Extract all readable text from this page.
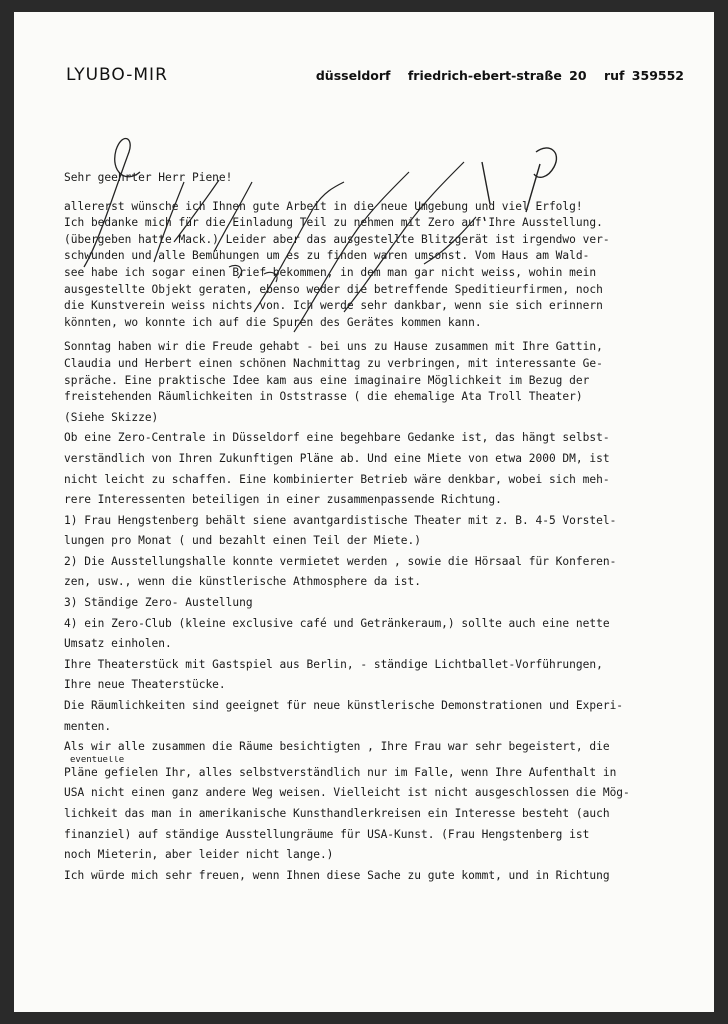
LYUBO-MIR	düsseldorf friedrich-ebert-straße 20 ruf 359552

Sehr geehrter Herr Piene!

allererst wünsche ich Ihnen gute Arbeit in die neue Umgebung und viel Erfolg!

Ich bedanke mich für die Einladung Teil zu nehmen mit Zero auf Ihre Ausstellung.

(übergeben hatte Mack.) Leider aber das ausgestellte Blitzgerät ist irgendwo ver-

schwunden und alle Bemühungen um es zu finden waren umsonst. Vom Haus am Wald-

see habe ich sogar einen Brief bekommen, in dem man gar nicht weiss, wohin mein

ausgestellte Objekt geraten, ebenso weder die betreffende Speditieurfirmen, noch

die Kunstverein weiss nichts von. Ich werde sehr dankbar, wenn sie sich erinnern

könnten, wo konnte ich auf die Spuren des Gerätes kommen kann.

Sonntag haben wir die Freude gehabt - bei uns zu Hause zusammen mit Ihre Gattin,

Claudia und Herbert einen schönen Nachmittag zu verbringen, mit interessante Ge-

spräche. Eine praktische Idee kam aus eine imaginaire Möglichkeit im Bezug der

freistehenden Räumlichkeiten in Oststrasse ( die ehemalige Ata Troll Theater)

(Siehe Skizze)

Ob eine Zero-Centrale in Düsseldorf eine begehbare Gedanke ist, das hängt selbst-

verständlich von Ihren Zukunftigen Pläne ab. Und eine Miete von etwa 2000 DM, ist

nicht leicht zu schaffen. Eine kombinierter Betrieb wäre denkbar, wobei sich meh-

rere Interessenten beteiligen in einer zusammenpassende Richtung.

1) Frau Hengstenberg behält siene avantgardistische Theater mit z. B. 4-5 Vorstel-

lungen pro Monat ( und bezahlt einen Teil der Miete.)

2) Die Ausstellungshalle konnte vermietet werden , sowie die Hörsaal für Konferen-

zen, usw., wenn die künstlerische Athmosphere da ist.

3) Ständige Zero- Austellung

4) ein Zero-Club (kleine exclusive café und Getränkeraum,) sollte auch eine nette

Umsatz einholen.

Ihre Theaterstück mit Gastspiel aus Berlin, - ständige Lichtballet-Vorführungen,

Ihre neue Theaterstücke.

Die Räumlichkeiten sind geeignet für neue künstlerische Demonstrationen und Experi-

menten.

Als wir alle zusammen die Räume besichtigten , Ihre Frau war sehr begeistert, die

eventuelle

Pläne gefielen Ihr, alles selbstverständlich nur im Falle, wenn Ihre Aufenthalt in

USA nicht einen ganz andere Weg weisen. Vielleicht ist nicht ausgeschlossen die Mög-

lichkeit das man in amerikanische Kunsthandlerkreisen ein Interesse besteht (auch

finanziel) auf ständige Ausstellungräume für USA-Kunst. (Frau Hengstenberg ist

noch Mieterin, aber leider nicht lange.)

Ich würde mich sehr freuen, wenn Ihnen diese Sache zu gute kommt, und in Richtung
